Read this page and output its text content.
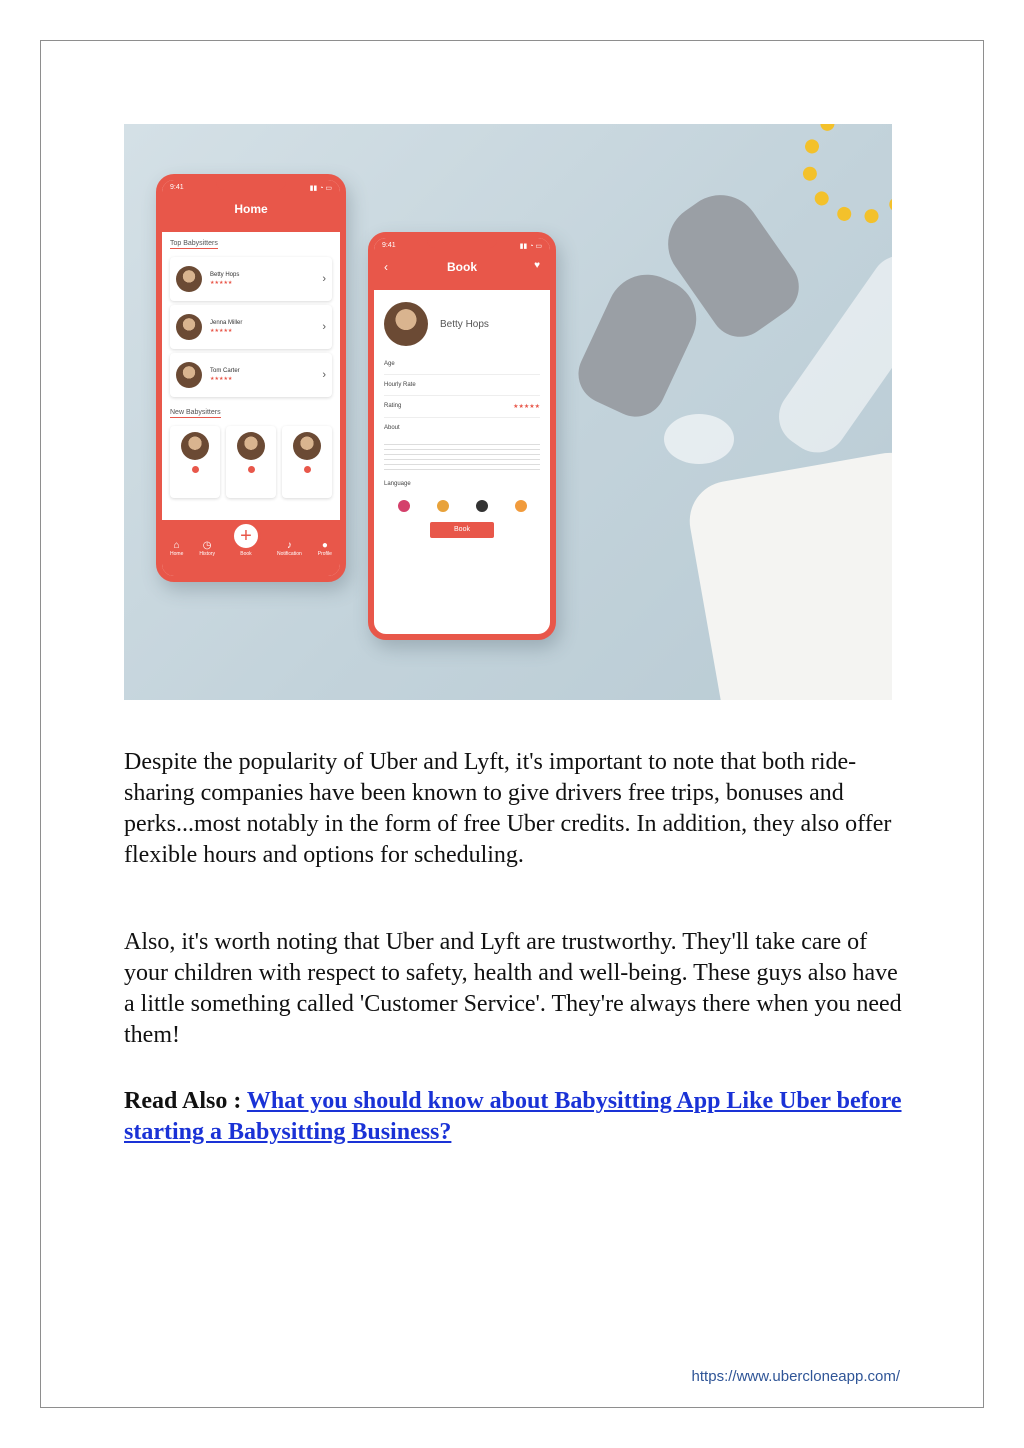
9:41	▮▮ ◔ ▭
Home
Top Babysitters
Betty Hops
★★★★★	›
Jenna Miller
★★★★★	›
Tom Carter
★★★★★	›
New Babysitters
⌂
Home
◷
History
+
Book
♪
Notification
●
Profile
9:41	▮▮ ◔ ▭
‹	Book	♥
Betty Hops
Age
Hourly Rate
Rating	★★★★★
About
Language
Book

Despite the popularity of Uber and Lyft, it's important to note that both ride-sharing companies have been known to give drivers free trips, bonuses and perks...most notably in the form of free Uber credits. In addition, they also offer flexible hours and options for scheduling.

Also, it's worth noting that Uber and Lyft are trustworthy. They'll take care of your children with respect to safety, health and well-being. These guys also have a little something called 'Customer Service'. They're always there when you need them!

Read Also : What you should know about Babysitting App Like Uber before starting a Babysitting Business?

https://www.ubercloneapp.com/
